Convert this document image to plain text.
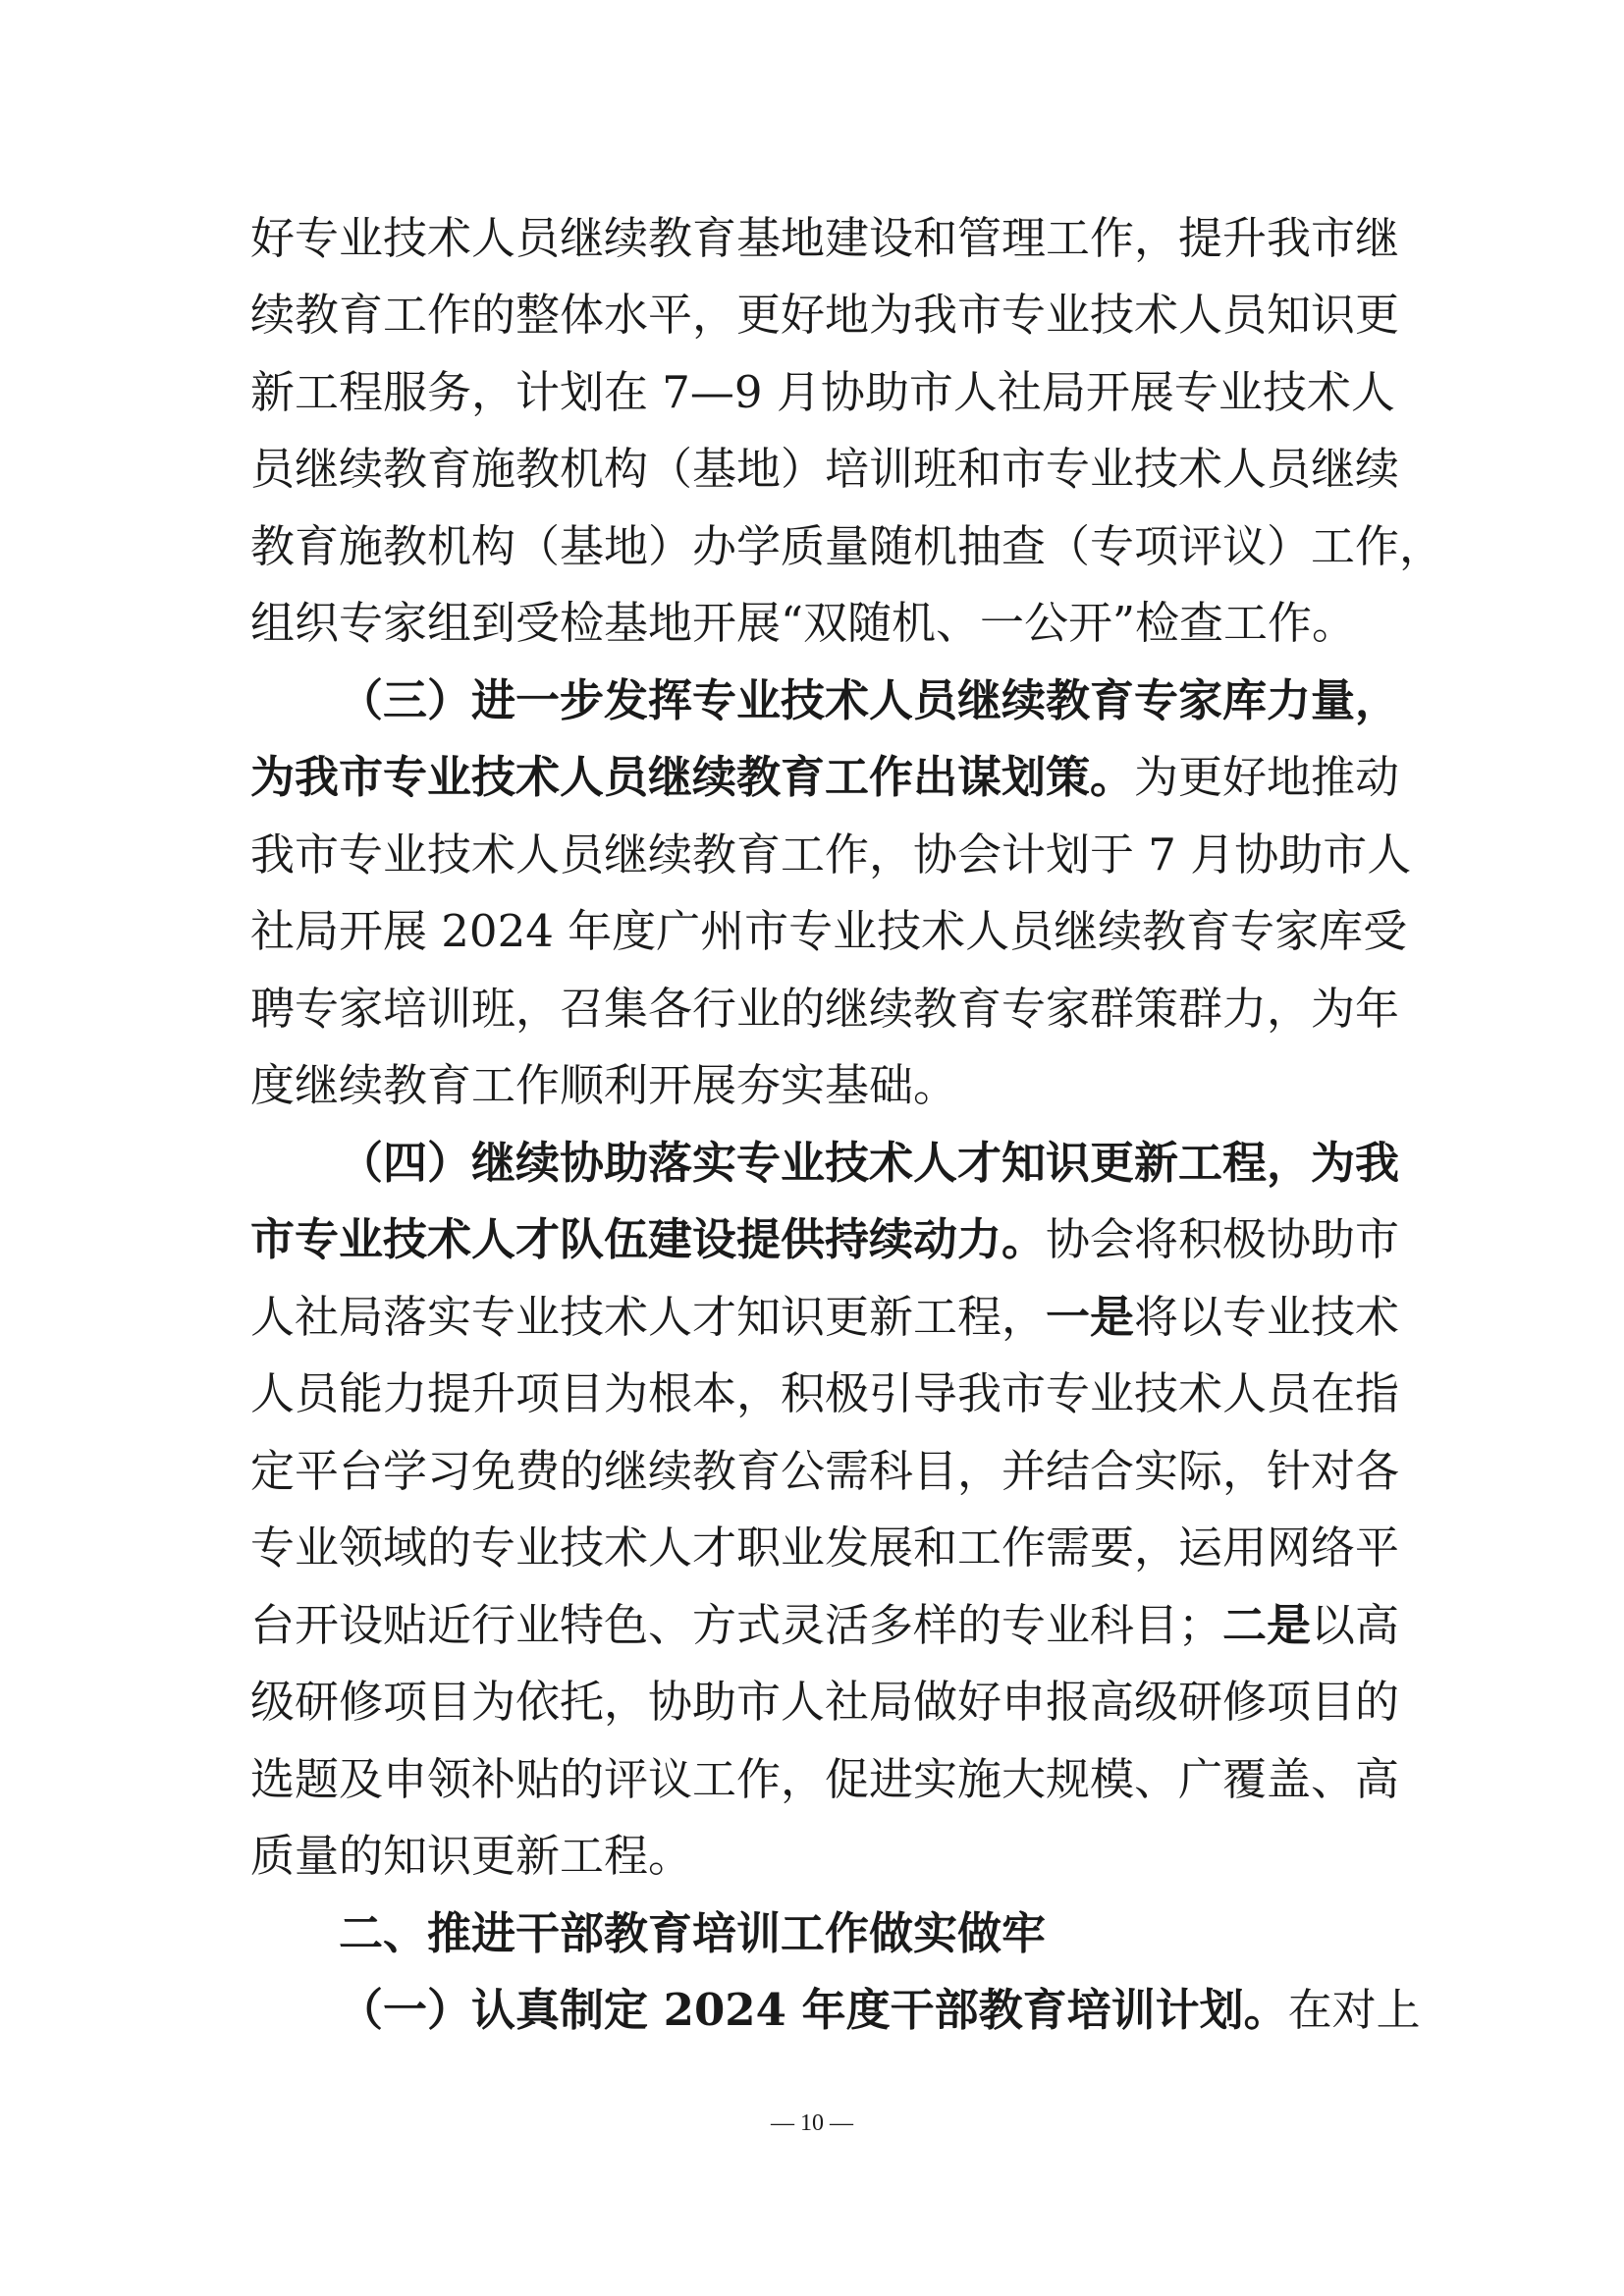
好专业技术人员继续教育基地建设和管理工作，提升我市继
续教育工作的整体水平，更好地为我市专业技术人员知识更
新工程服务，计划在 7—9 月协助市人社局开展专业技术人
员继续教育施教机构（基地）培训班和市专业技术人员继续
教育施教机构（基地）办学质量随机抽查（专项评议）工作，
组织专家组到受检基地开展“双随机、一公开”检查工作。
（三）进一步发挥专业技术人员继续教育专家库力量，
为我市专业技术人员继续教育工作出谋划策。为更好地推动
我市专业技术人员继续教育工作，协会计划于 7 月协助市人
社局开展 2024 年度广州市专业技术人员继续教育专家库受
聘专家培训班，召集各行业的继续教育专家群策群力，为年
度继续教育工作顺利开展夯实基础。
（四）继续协助落实专业技术人才知识更新工程，为我
市专业技术人才队伍建设提供持续动力。协会将积极协助市
人社局落实专业技术人才知识更新工程，一是将以专业技术
人员能力提升项目为根本，积极引导我市专业技术人员在指
定平台学习免费的继续教育公需科目，并结合实际，针对各
专业领域的专业技术人才职业发展和工作需要，运用网络平
台开设贴近行业特色、方式灵活多样的专业科目；二是以高
级研修项目为依托，协助市人社局做好申报高级研修项目的
选题及申领补贴的评议工作，促进实施大规模、广覆盖、高
质量的知识更新工程。
二、推进干部教育培训工作做实做牢
（一）认真制定 2024 年度干部教育培训计划。在对上
— 10 —
